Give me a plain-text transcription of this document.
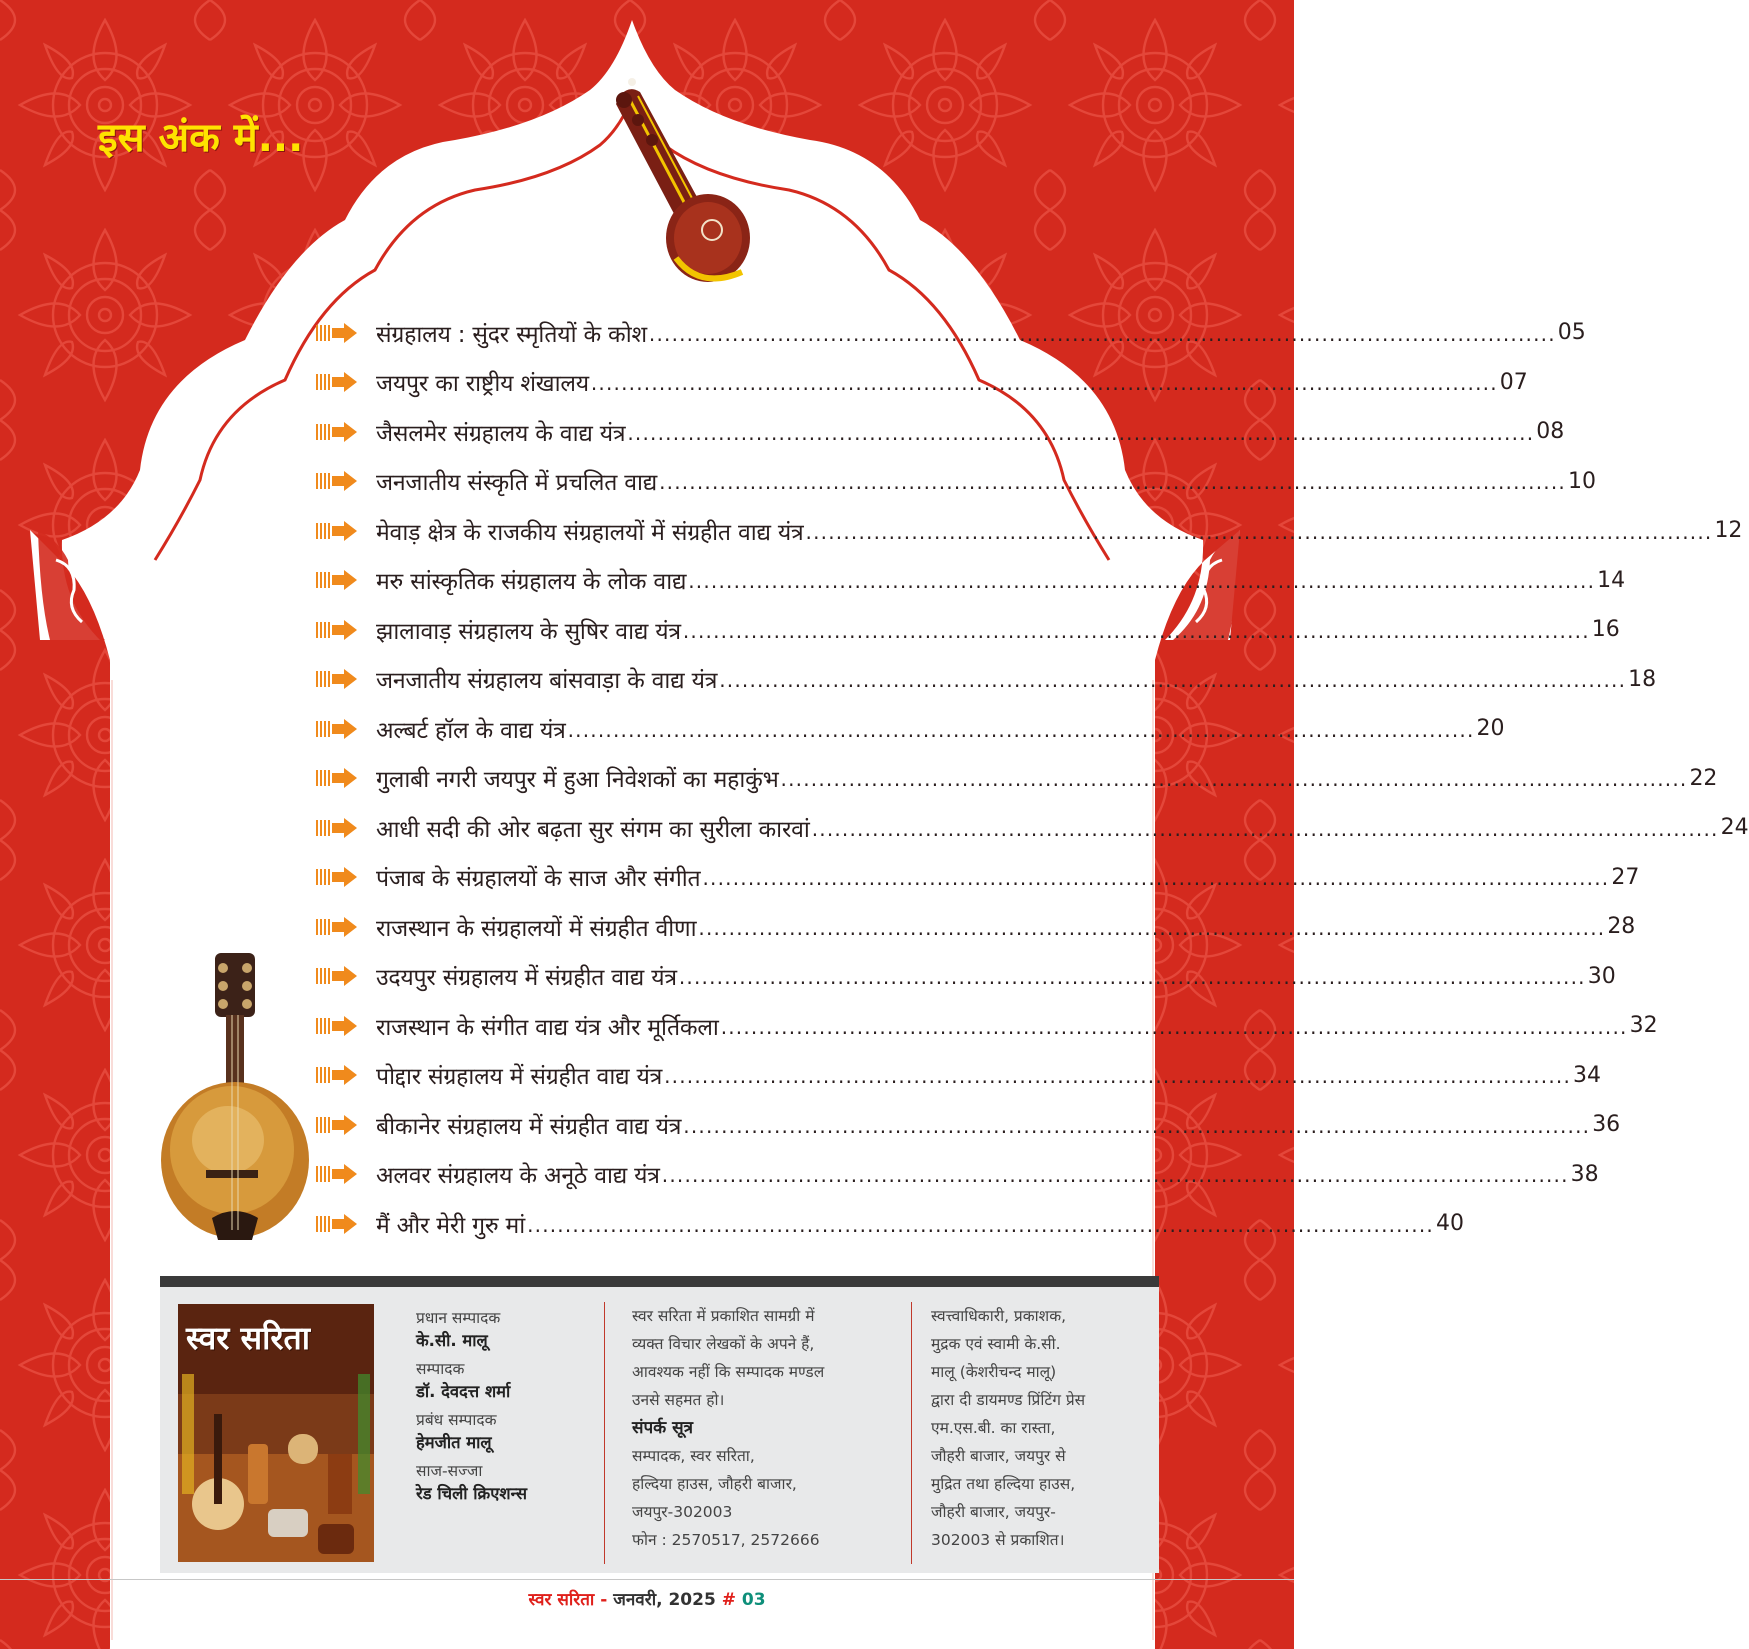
इस अंक में...
संग्रहालय : सुंदर स्मृतियों के कोश ........................................................................................................................ 05
जयपुर का राष्ट्रीय शंखालय ........................................................................................................................ 07
जैसलमेर संग्रहालय के वाद्य यंत्र ........................................................................................................................ 08
जनजातीय संस्कृति में प्रचलित वाद्य ........................................................................................................................ 10
मेवाड़ क्षेत्र के राजकीय संग्रहालयों में संग्रहीत वाद्य यंत्र ........................................................................................................................ 12
मरु सांस्कृतिक संग्रहालय के लोक वाद्य ........................................................................................................................ 14
झालावाड़ संग्रहालय के सुषिर वाद्य यंत्र ........................................................................................................................ 16
जनजातीय संग्रहालय बांसवाड़ा के वाद्य यंत्र ........................................................................................................................ 18
अल्बर्ट हॉल के वाद्य यंत्र ........................................................................................................................ 20
गुलाबी नगरी जयपुर में हुआ निवेशकों का महाकुंभ ........................................................................................................................ 22
आधी सदी की ओर बढ़ता सुर संगम का सुरीला कारवां ........................................................................................................................ 24
पंजाब के संग्रहालयों के साज और संगीत ........................................................................................................................ 27
राजस्थान के संग्रहालयों में संग्रहीत वीणा ........................................................................................................................ 28
उदयपुर संग्रहालय में संग्रहीत वाद्य यंत्र ........................................................................................................................ 30
राजस्थान के संगीत वाद्य यंत्र और मूर्तिकला ........................................................................................................................ 32
पोद्दार संग्रहालय में संग्रहीत वाद्य यंत्र ........................................................................................................................ 34
बीकानेर संग्रहालय में संग्रहीत वाद्य यंत्र ........................................................................................................................ 36
अलवर संग्रहालय के अनूठे वाद्य यंत्र ........................................................................................................................ 38
मैं और मेरी गुरु मां ........................................................................................................................ 40
स्वर सरिता
प्रधान सम्पादक
के.सी. मालू
सम्पादक
डॉ. देवदत्त शर्मा
प्रबंध सम्पादक
हेमजीत मालू
साज-सज्जा
रेड चिली क्रिएशन्स
स्वर सरिता में प्रकाशित सामग्री में
व्यक्त विचार लेखकों के अपने हैं,
आवश्यक नहीं कि सम्पादक मण्डल
उनसे सहमत हो।
संपर्क सूत्र
सम्पादक, स्वर सरिता,
हल्दिया हाउस, जौहरी बाजार,
जयपुर-302003
फोन : 2570517, 2572666
स्वत्त्वाधिकारी, प्रकाशक,
मुद्रक एवं स्वामी के.सी.
मालू (केशरीचन्द मालू)
द्वारा दी डायमण्ड प्रिंटिंग प्रेस
एम.एस.बी. का रास्ता,
जौहरी बाजार, जयपुर से
मुद्रित तथा हल्दिया हाउस,
जौहरी बाजार, जयपुर-
302003 से प्रकाशित।
स्वर सरिता - जनवरी, 2025 # 03
